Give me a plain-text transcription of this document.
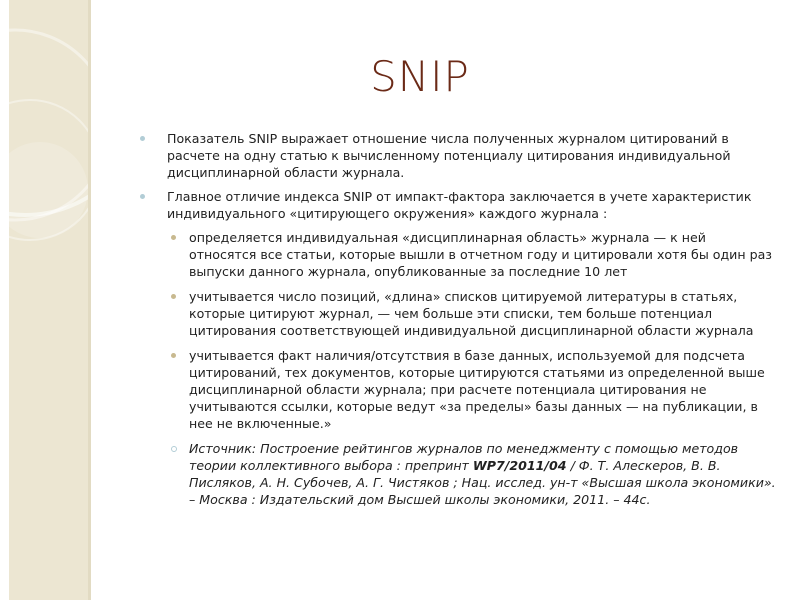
SNIP
Показатель SNIP выражает отношение числа полученных журналом цитирований в расчете на одну статью к вычисленному потенциалу цитирования индивидуальной дисциплинарной области журнала.
Главное отличие индекса SNIP от импакт-фактора заключается в учете характеристик индивидуального «цитирующего окружения» каждого журнала :
определяется индивидуальная «дисциплинарная область» журнала — к ней относятся все статьи, которые вышли в отчетном году и цитировали хотя бы один раз выпуски данного журнала, опубликованные за последние 10 лет
учитывается число позиций, «длина» списков цитируемой литературы в статьях, которые цитируют журнал, — чем больше эти списки, тем больше потенциал цитирования соответствующей индивидуальной дисциплинарной области журнала
учитывается факт наличия/отсутствия в базе данных, используемой для подсчета цитирований, тех документов, которые цитируются статьями из определенной выше дисциплинарной области журнала; при расчете потенциала цитирования не учитываются ссылки, которые ведут «за пределы» базы данных — на публикации, в нее не включенные.»
Источник: Построение рейтингов журналов по менеджменту с помощью методов теории коллективного выбора : препринт WP7/2011/04 / Ф. Т. Алескеров, В. В. Писляков, А. Н. Субочев, А. Г. Чистяков ; Нац. исслед. ун-т «Высшая школа экономики». – Москва : Издательский дом Высшей школы экономики, 2011. – 44с.
